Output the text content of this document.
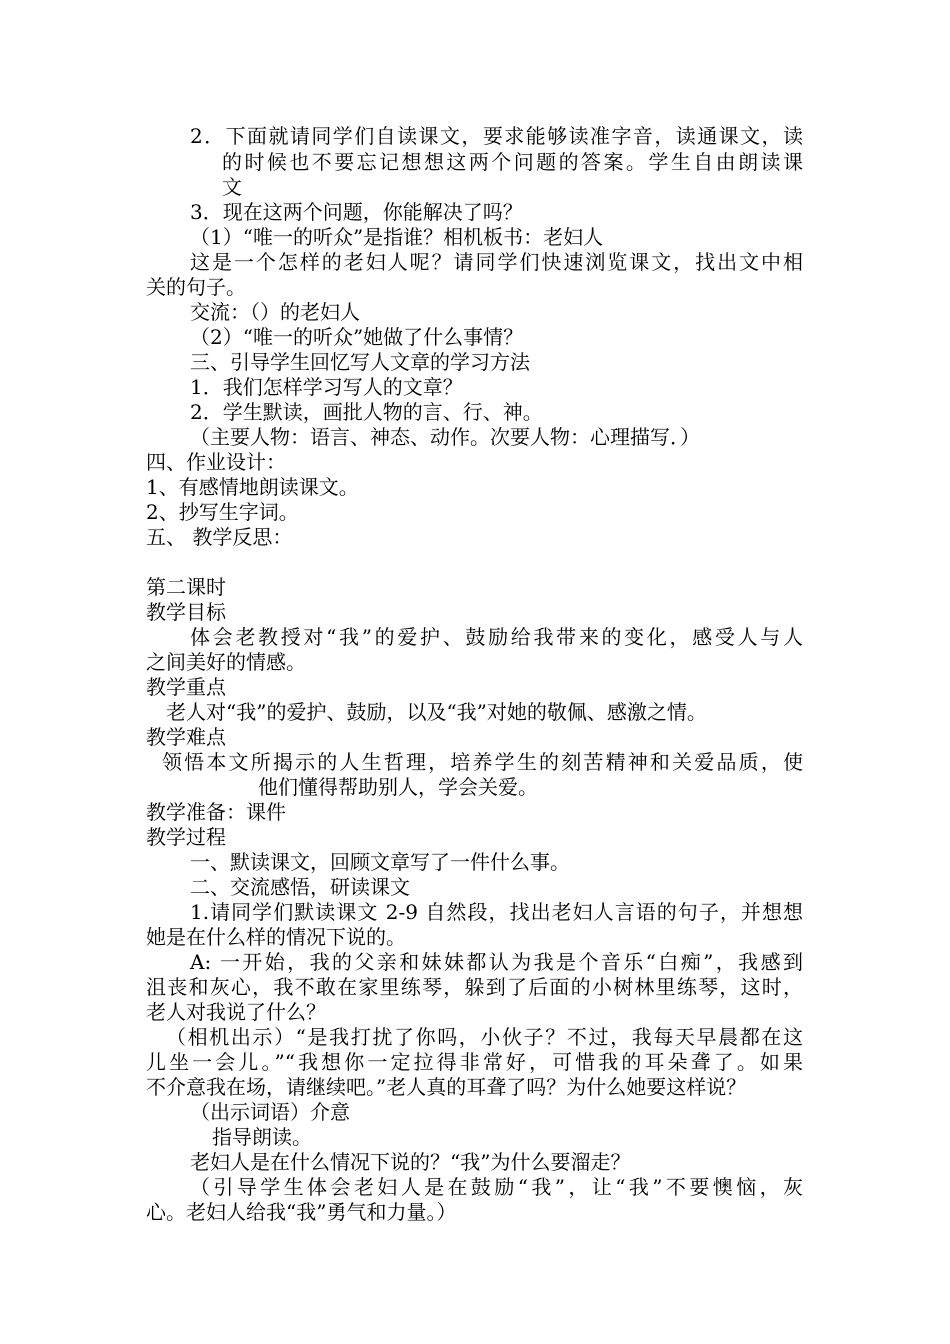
2．下面就请同学们自读课文，要求能够读准字音，读通课文，读
的时候也不要忘记想想这两个问题的答案。学生自由朗读课
文
3．现在这两个问题，你能解决了吗？
（1）“唯一的听众”是指谁？相机板书：老妇人
这是一个怎样的老妇人呢？请同学们快速浏览课文，找出文中相
关的句子。
交流：（）的老妇人
（2）“唯一的听众”她做了什么事情？
三、引导学生回忆写人文章的学习方法
1．我们怎样学习写人的文章？
2．学生默读，画批人物的言、行、神。
（主要人物：语言、神态、动作。次要人物：心理描写．）
四、作业设计：
1、有感情地朗读课文。
2、抄写生字词。
五、 教学反思：
第二课时
教学目标
体会老教授对“我”的爱护、鼓励给我带来的变化，感受人与人
之间美好的情感。
教学重点
老人对“我”的爱护、鼓励，以及“我”对她的敬佩、感激之情。
教学难点
领悟本文所揭示的人生哲理，培养学生的刻苦精神和关爱品质，使
他们懂得帮助别人，学会关爱。
教学准备：课件
教学过程
一、默读课文，回顾文章写了一件什么事。
二、交流感悟，研读课文
1.请同学们默读课文 2-9 自然段，找出老妇人言语的句子，并想想
她是在什么样的情况下说的。
A: 一开始，我的父亲和妹妹都认为我是个音乐“白痴”，我感到
沮丧和灰心，我不敢在家里练琴，躲到了后面的小树林里练琴，这时，
老人对我说了什么？
（相机出示）“是我打扰了你吗，小伙子？不过，我每天早晨都在这
儿坐一会儿。”“我想你一定拉得非常好，可惜我的耳朵聋了。如果
不介意我在场，请继续吧。”老人真的耳聋了吗？为什么她要这样说？
（出示词语）介意
指导朗读。
老妇人是在什么情况下说的？“我”为什么要溜走？
（引导学生体会老妇人是在鼓励“我”，让“我”不要懊恼，灰
心。老妇人给我“我”勇气和力量。）
